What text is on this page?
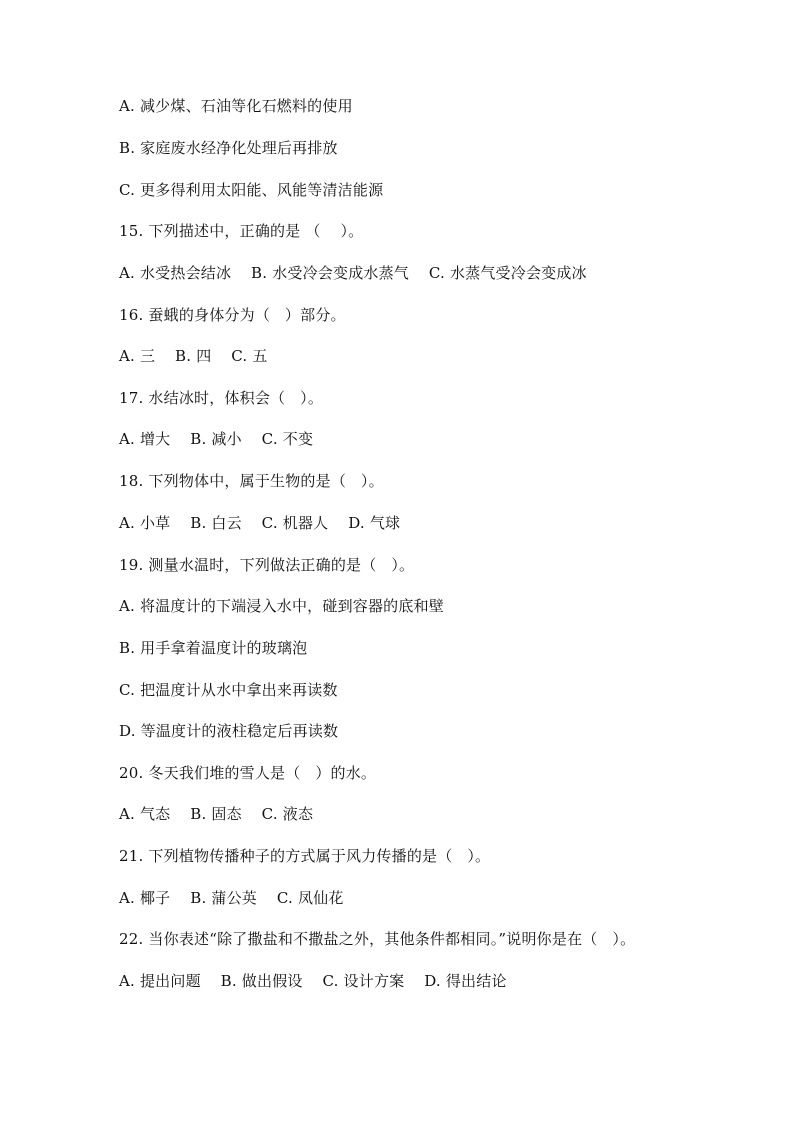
A. 减少煤、石油等化石燃料的使用
B. 家庭废水经净化处理后再排放
C. 更多得利用太阳能、风能等清洁能源
15. 下列描述中，正确的是 （    ）。
A. 水受热会结冰    B. 水受冷会变成水蒸气    C. 水蒸气受冷会变成冰
16. 蚕蛾的身体分为（   ）部分。
A. 三    B. 四    C. 五
17. 水结冰时，体积会（   ）。
A. 增大    B. 减小    C. 不变
18. 下列物体中，属于生物的是（   ）。
A. 小草    B. 白云    C. 机器人    D. 气球
19. 测量水温时，下列做法正确的是（   ）。
A. 将温度计的下端浸入水中，碰到容器的底和壁
B. 用手拿着温度计的玻璃泡
C. 把温度计从水中拿出来再读数
D. 等温度计的液柱稳定后再读数
20. 冬天我们堆的雪人是（   ）的水。
A. 气态    B. 固态    C. 液态
21. 下列植物传播种子的方式属于风力传播的是（   ）。
A. 椰子    B. 蒲公英    C. 凤仙花
22. 当你表述“除了撒盐和不撒盐之外，其他条件都相同。”说明你是在（   ）。
A. 提出问题    B. 做出假设    C. 设计方案    D. 得出结论
